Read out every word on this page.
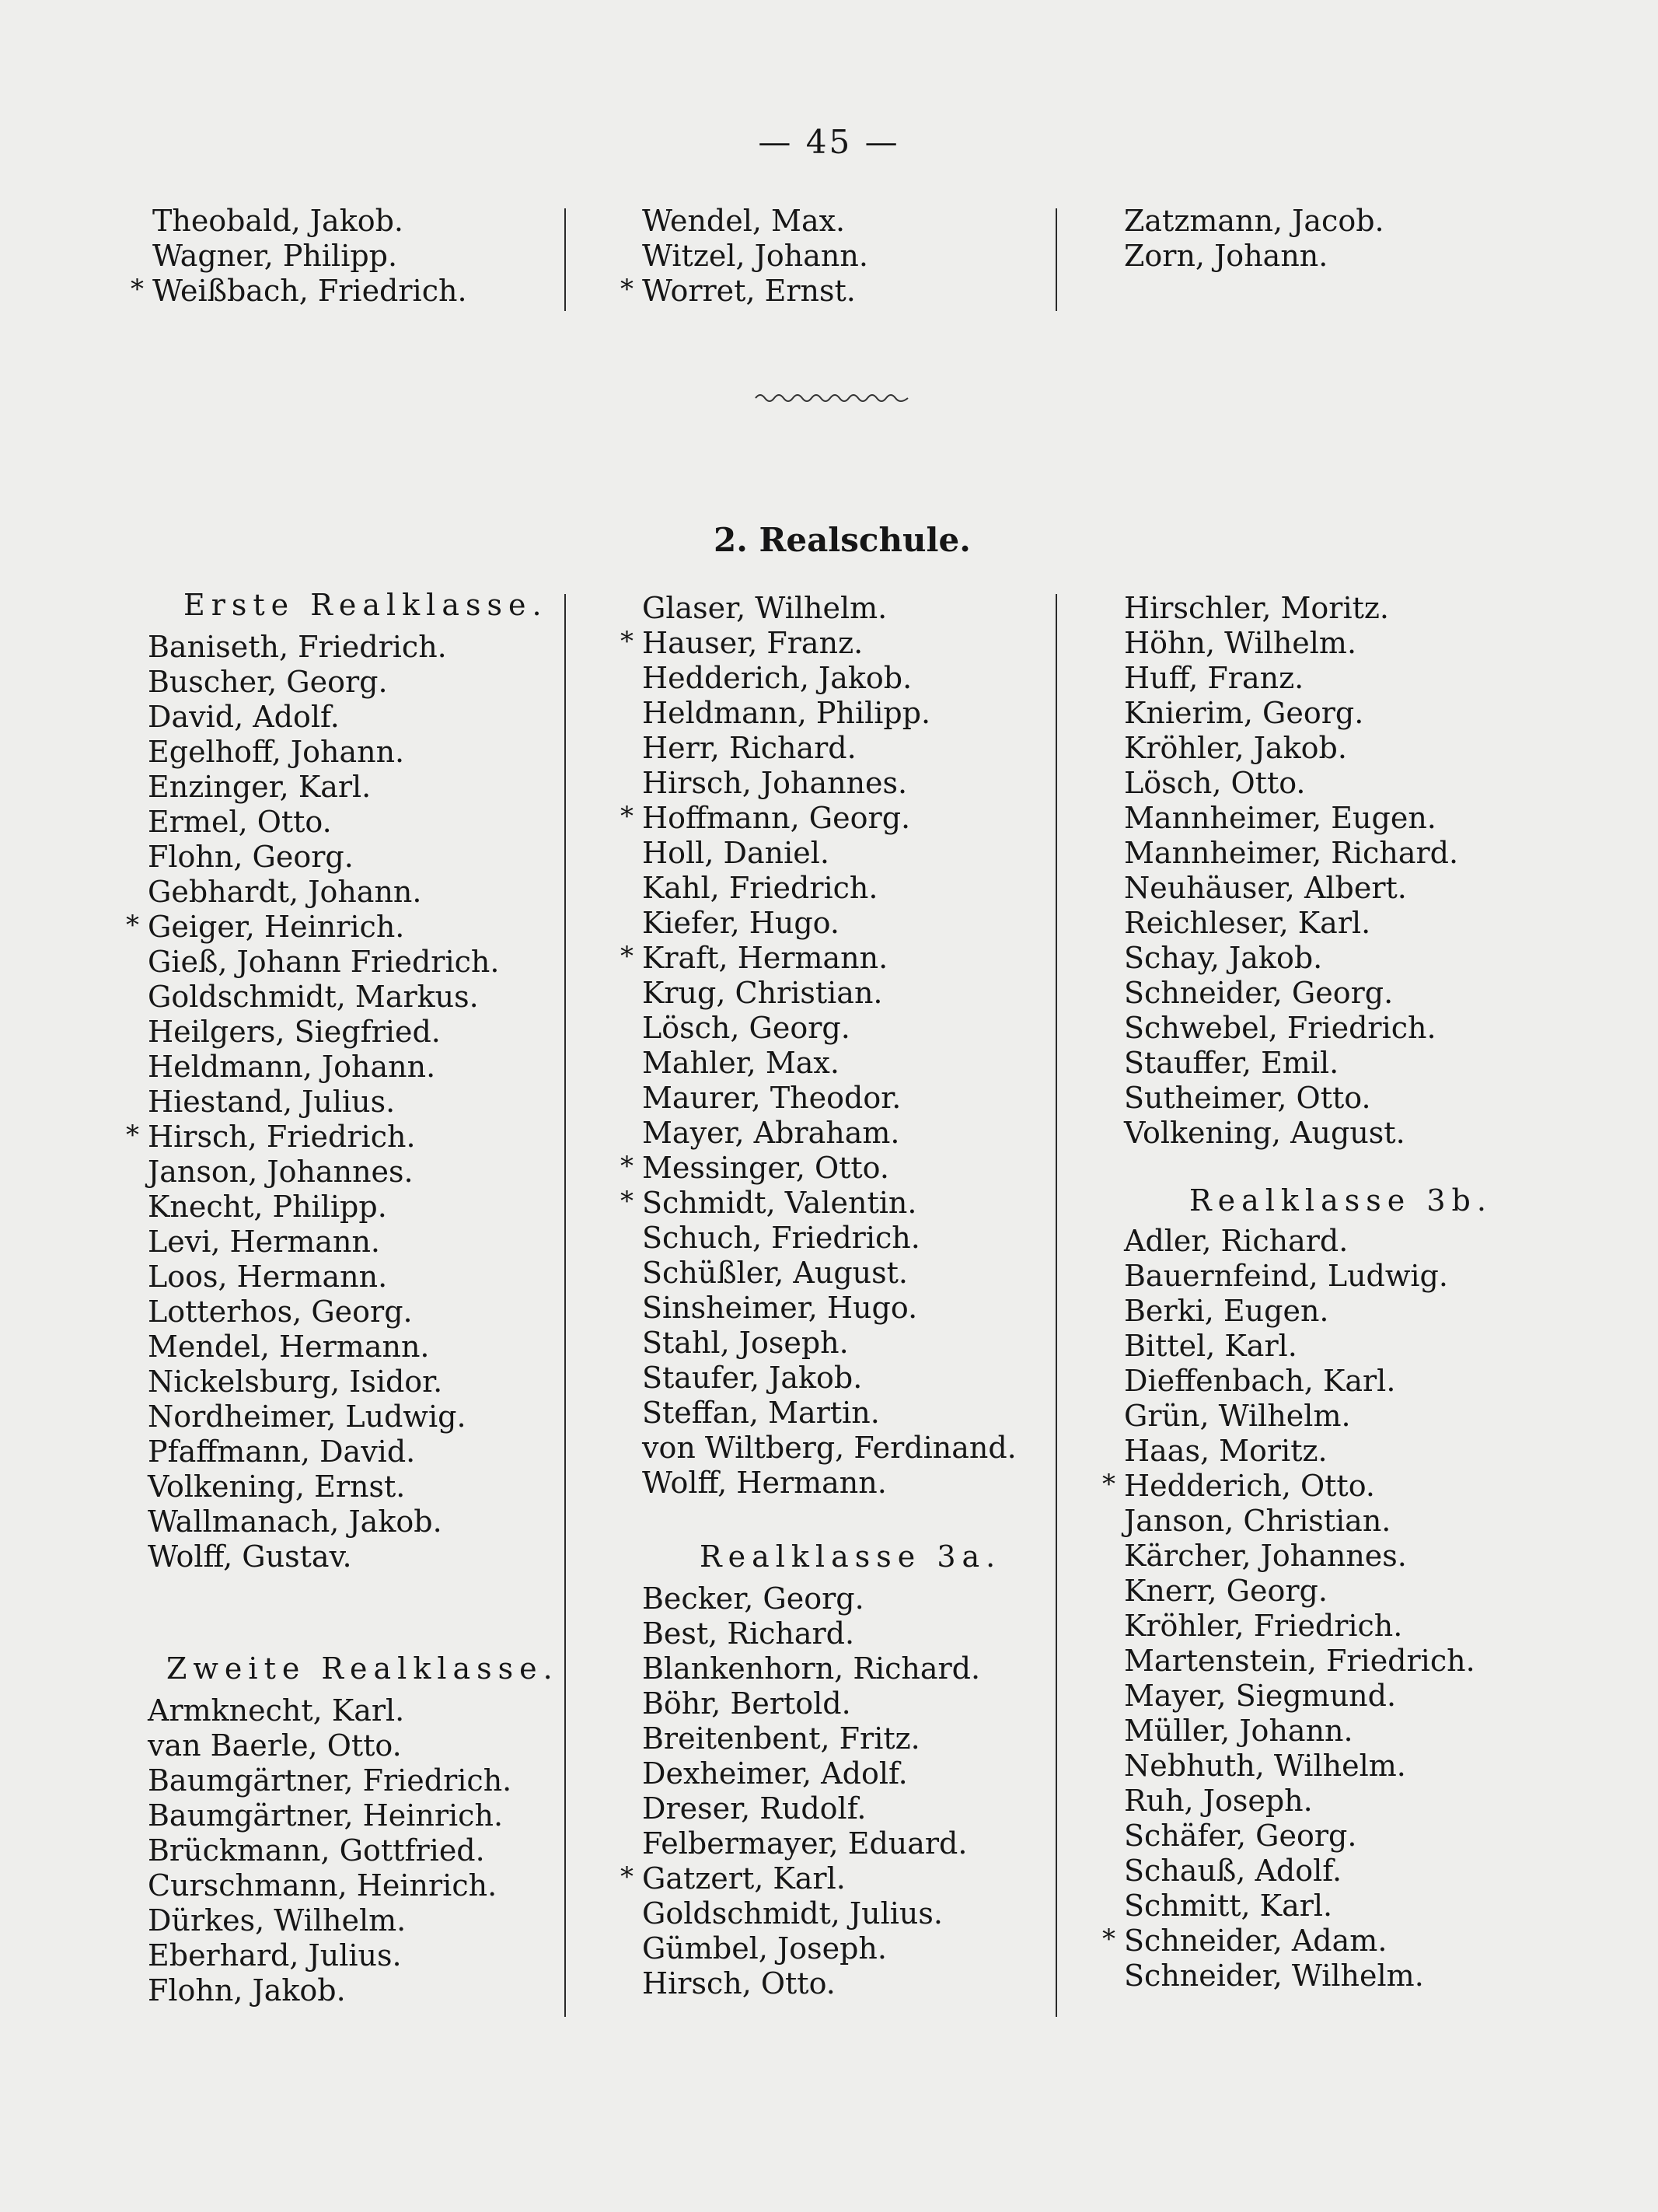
— 45 —
Theobald, Jakob.
Wagner, Philipp.
* Weißbach, Friedrich.
Wendel, Max.
Witzel, Johann.
* Worret, Ernst.
Zatzmann, Jacob.
Zorn, Johann.
2. Realschule.
Erste Realklasse.
Baniseth, Friedrich.
Buscher, Georg.
David, Adolf.
Egelhoff, Johann.
Enzinger, Karl.
Ermel, Otto.
Flohn, Georg.
Gebhardt, Johann.
* Geiger, Heinrich.
Gieß, Johann Friedrich.
Goldschmidt, Markus.
Heilgers, Siegfried.
Heldmann, Johann.
Hiestand, Julius.
* Hirsch, Friedrich.
Janson, Johannes.
Knecht, Philipp.
Levi, Hermann.
Loos, Hermann.
Lotterhos, Georg.
Mendel, Hermann.
Nickelsburg, Isidor.
Nordheimer, Ludwig.
Pfaffmann, David.
Volkening, Ernst.
Wallmanach, Jakob.
Wolff, Gustav.
Zweite Realklasse.
Armknecht, Karl.
van Baerle, Otto.
Baumgärtner, Friedrich.
Baumgärtner, Heinrich.
Brückmann, Gottfried.
Curschmann, Heinrich.
Dürkes, Wilhelm.
Eberhard, Julius.
Flohn, Jakob.
Glaser, Wilhelm.
* Hauser, Franz.
Hedderich, Jakob.
Heldmann, Philipp.
Herr, Richard.
Hirsch, Johannes.
* Hoffmann, Georg.
Holl, Daniel.
Kahl, Friedrich.
Kiefer, Hugo.
* Kraft, Hermann.
Krug, Christian.
Lösch, Georg.
Mahler, Max.
Maurer, Theodor.
Mayer, Abraham.
* Messinger, Otto.
* Schmidt, Valentin.
Schuch, Friedrich.
Schüßler, August.
Sinsheimer, Hugo.
Stahl, Joseph.
Staufer, Jakob.
Steffan, Martin.
von Wiltberg, Ferdinand.
Wolff, Hermann.
Realklasse 3a.
Becker, Georg.
Best, Richard.
Blankenhorn, Richard.
Böhr, Bertold.
Breitenbent, Fritz.
Dexheimer, Adolf.
Dreser, Rudolf.
Felbermayer, Eduard.
* Gatzert, Karl.
Goldschmidt, Julius.
Gümbel, Joseph.
Hirsch, Otto.
Hirschler, Moritz.
Höhn, Wilhelm.
Huff, Franz.
Knierim, Georg.
Kröhler, Jakob.
Lösch, Otto.
Mannheimer, Eugen.
Mannheimer, Richard.
Neuhäuser, Albert.
Reichleser, Karl.
Schay, Jakob.
Schneider, Georg.
Schwebel, Friedrich.
Stauffer, Emil.
Sutheimer, Otto.
Volkening, August.
Realklasse 3b.
Adler, Richard.
Bauernfeind, Ludwig.
Berki, Eugen.
Bittel, Karl.
Dieffenbach, Karl.
Grün, Wilhelm.
Haas, Moritz.
* Hedderich, Otto.
Janson, Christian.
Kärcher, Johannes.
Knerr, Georg.
Kröhler, Friedrich.
Martenstein, Friedrich.
Mayer, Siegmund.
Müller, Johann.
Nebhuth, Wilhelm.
Ruh, Joseph.
Schäfer, Georg.
Schauß, Adolf.
Schmitt, Karl.
* Schneider, Adam.
Schneider, Wilhelm.
